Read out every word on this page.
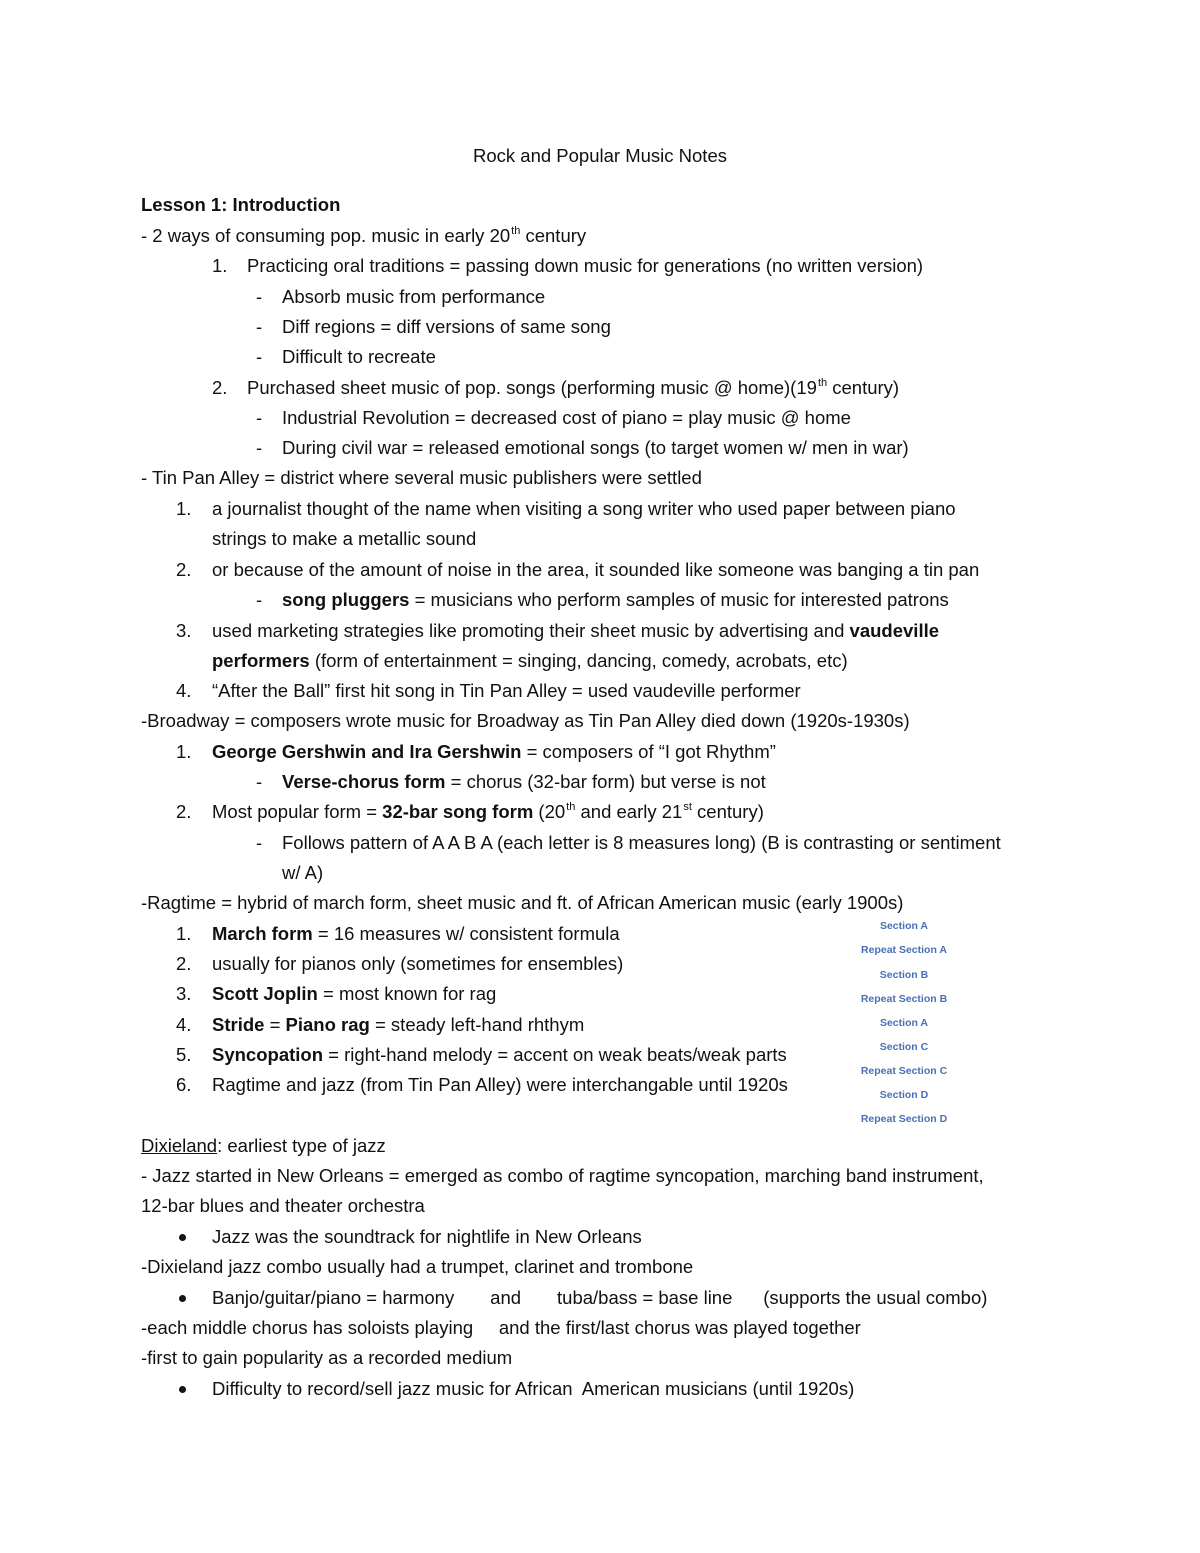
Rock and Popular Music Notes
Lesson 1: Introduction
- 2 ways of consuming pop. music in early 20th century
1. Practicing oral traditions = passing down music for generations (no written version)
- Absorb music from performance
- Diff regions = diff versions of same song
- Difficult to recreate
2. Purchased sheet music of pop. songs (performing music @ home)(19th century)
- Industrial Revolution = decreased cost of piano = play music @ home
- During civil war = released emotional songs (to target women w/ men in war)
- Tin Pan Alley = district where several music publishers were settled
1. a journalist thought of the name when visiting a song writer who used paper between piano
strings to make a metallic sound
2. or because of the amount of noise in the area, it sounded like someone was banging a tin pan
- song pluggers = musicians who perform samples of music for interested patrons
3. used marketing strategies like promoting their sheet music by advertising and vaudeville
performers (form of entertainment = singing, dancing, comedy, acrobats, etc)
4. “After the Ball” first hit song in Tin Pan Alley = used vaudeville performer
-Broadway = composers wrote music for Broadway as Tin Pan Alley died down (1920s-1930s)
1. George Gershwin and Ira Gershwin = composers of “I got Rhythm”
- Verse-chorus form = chorus (32-bar form) but verse is not
2. Most popular form = 32-bar song form (20th and early 21st century)
- Follows pattern of A A B A (each letter is 8 measures long) (B is contrasting or sentiment
w/ A)
-Ragtime = hybrid of march form, sheet music and ft. of African American music (early 1900s)
1. March form = 16 measures w/ consistent formula
2. usually for pianos only (sometimes for ensembles)
3. Scott Joplin = most known for rag
4. Stride = Piano rag = steady left-hand rhthym
5. Syncopation = right-hand melody = accent on weak beats/weak parts
6. Ragtime and jazz (from Tin Pan Alley) were interchangable until 1920s
Section A
Repeat Section A
Section B
Repeat Section B
Section A
Section C
Repeat Section C
Section D
Repeat Section D
Dixieland: earliest type of jazz
- Jazz started in New Orleans = emerged as combo of ragtime syncopation, marching band instrument,
12-bar blues and theater orchestra
Jazz was the soundtrack for nightlife in New Orleans
-Dixieland jazz combo usually had a trumpet, clarinet and trombone
Banjo/guitar/piano = harmony       and       tuba/bass = base line      (supports the usual combo)
-each middle chorus has soloists playing     and the first/last chorus was played together
-first to gain popularity as a recorded medium
Difficulty to record/sell jazz music for African  American musicians (until 1920s)
